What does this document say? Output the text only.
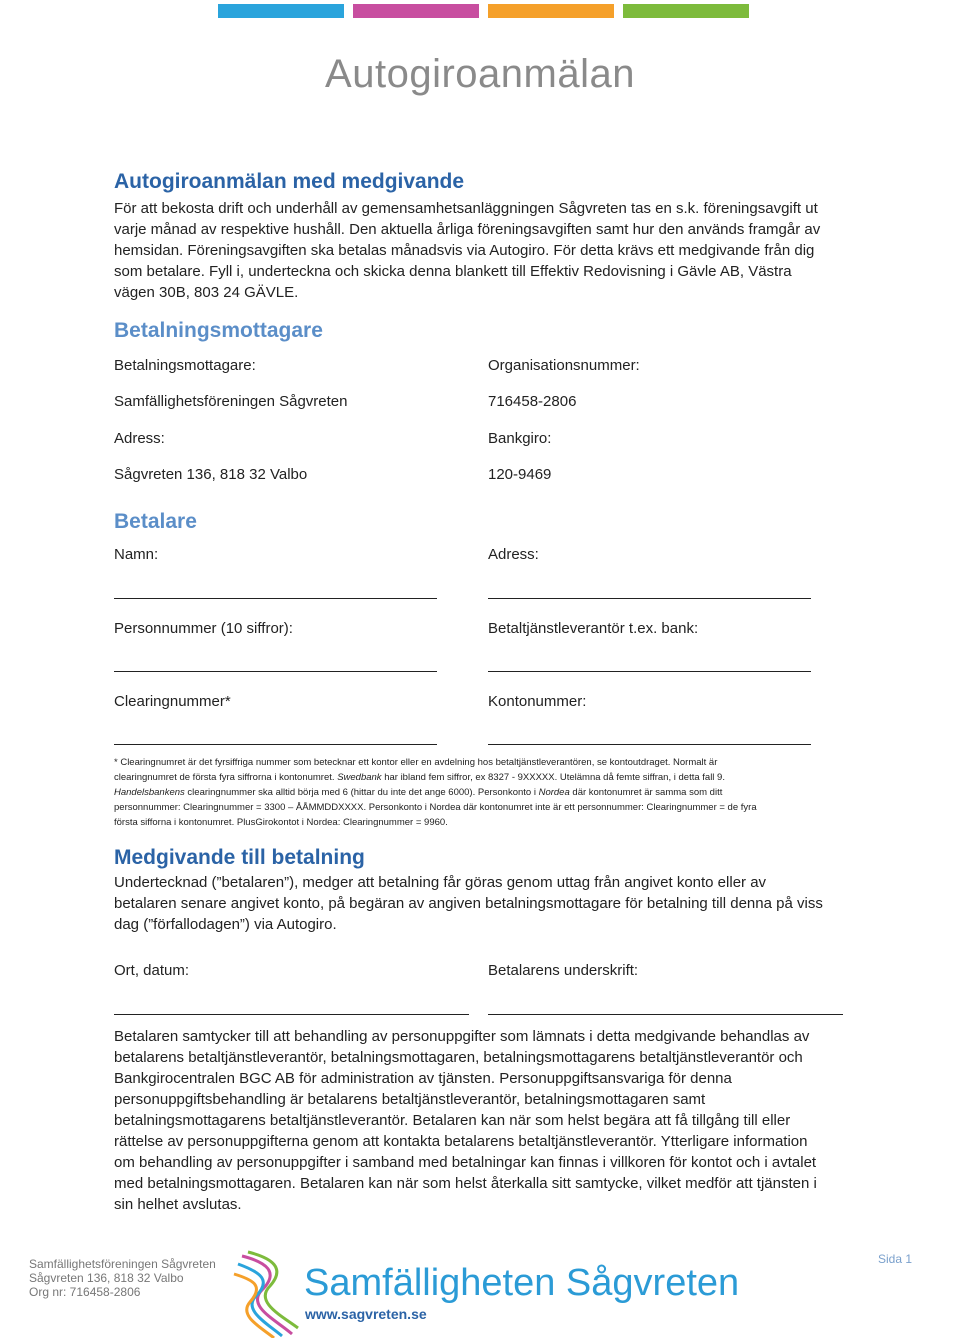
Autogiroanmälan
Autogiroanmälan med medgivande
För att bekosta drift och underhåll av gemensamhetsanläggningen Sågvreten tas en s.k. föreningsavgift ut
varje månad av respektive hushåll. Den aktuella årliga föreningsavgiften samt hur den används framgår av
hemsidan. Föreningsavgiften ska betalas månadsvis via Autogiro. För detta krävs ett medgivande från dig
som betalare. Fyll i, underteckna och skicka denna blankett till Effektiv Redovisning i Gävle AB, Västra
vägen 30B, 803 24 GÄVLE.
Betalningsmottagare
Betalningsmottagare:	Organisationsnummer:
Samfällighetsföreningen Sågvreten	716458-2806
Adress:	Bankgiro:
Sågvreten 136, 818 32 Valbo	120-9469
Betalare
Namn:	Adress:
Personnummer (10 siffror):	Betaltjänstleverantör t.ex. bank:
Clearingnummer*	Kontonummer:
* Clearingnumret är det fyrsiffriga nummer som betecknar ett kontor eller en avdelning hos betaltjänstleverantören, se kontoutdraget. Normalt är
clearingnumret de första fyra siffrorna i kontonumret. Swedbank har ibland fem siffror, ex 8327 - 9XXXXX. Utelämna då femte siffran, i detta fall 9.
Handelsbankens clearingnummer ska alltid börja med 6 (hittar du inte det ange 6000). Personkonto i Nordea där kontonumret är samma som ditt
personnummer: Clearingnummer = 3300 – ÅÅMMDDXXXX. Personkonto i Nordea där kontonumret inte är ett personnummer: Clearingnummer = de fyra
första sifforna i kontonumret. PlusGirokontot i Nordea: Clearingnummer = 9960.
Medgivande till betalning
Undertecknad (”betalaren”), medger att betalning får göras genom uttag från angivet konto eller av
betalaren senare angivet konto, på begäran av angiven betalningsmottagare för betalning till denna på viss
dag (”förfallodagen”) via Autogiro.
Ort, datum:	Betalarens underskrift:
Betalaren samtycker till att behandling av personuppgifter som lämnats i detta medgivande behandlas av
betalarens betaltjänstleverantör, betalningsmottagaren, betalningsmottagarens betaltjänstleverantör och
Bankgirocentralen BGC AB för administration av tjänsten. Personuppgiftsansvariga för denna
personuppgiftsbehandling är betalarens betaltjänstleverantör, betalningsmottagaren samt
betalningsmottagarens betaltjänstleverantör. Betalaren kan när som helst begära att få tillgång till eller
rättelse av personuppgifterna genom att kontakta betalarens betaltjänstleverantör. Ytterligare information
om behandling av personuppgifter i samband med betalningar kan finnas i villkoren för kontot och i avtalet
med betalningsmottagaren. Betalaren kan när som helst återkalla sitt samtycke, vilket medför att tjänsten i
sin helhet avslutas.
Samfällighetsföreningen Sågvreten
Sågvreten 136, 818 32 Valbo
Org nr: 716458-2806	Samfälligheten Sågvreten
www.sagvreten.se
Sida 1
